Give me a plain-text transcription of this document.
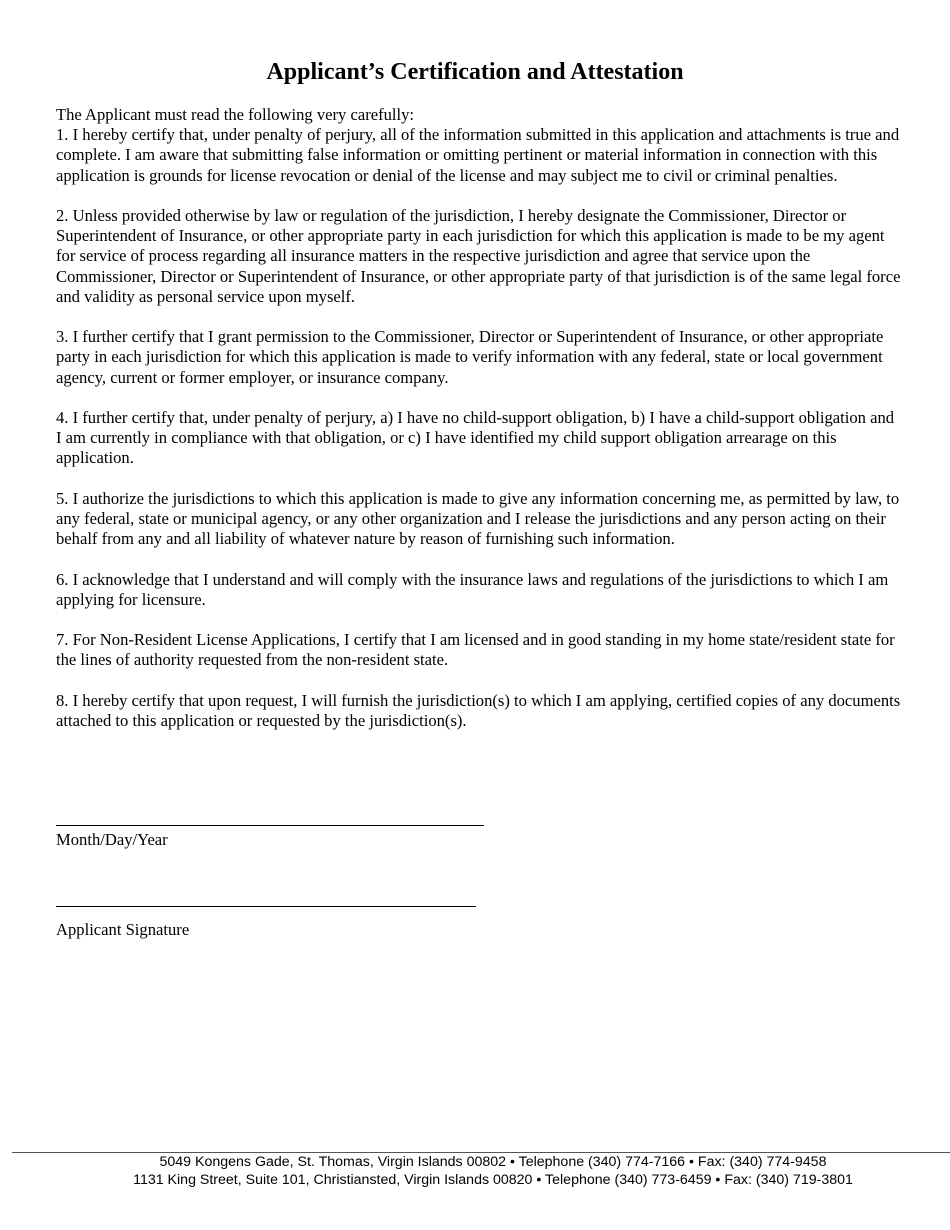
Applicant’s Certification and Attestation

The Applicant must read the following very carefully:

1. I hereby certify that, under penalty of perjury, all of the information submitted in this application and attachments is true and complete. I am aware that submitting false information or omitting pertinent or material information in connection with this application is grounds for license revocation or denial of the license and may subject me to civil or criminal penalties.

2. Unless provided otherwise by law or regulation of the jurisdiction, I hereby designate the Commissioner, Director or Superintendent of Insurance, or other appropriate party in each jurisdiction for which this application is made to be my agent for service of process regarding all insurance matters in the respective jurisdiction and agree that service upon the Commissioner, Director or Superintendent of Insurance, or other appropriate party of that jurisdiction is of the same legal force and validity as personal service upon myself.

3. I further certify that I grant permission to the Commissioner, Director or Superintendent of Insurance, or other appropriate party in each jurisdiction for which this application is made to verify information with any federal, state or local government agency, current or former employer, or insurance company.

4. I further certify that, under penalty of perjury, a) I have no child-support obligation, b) I have a child-support obligation and I am currently in compliance with that obligation, or c) I have identified my child support obligation arrearage on this application.

5. I authorize the jurisdictions to which this application is made to give any information concerning me, as permitted by law, to any federal, state or municipal agency, or any other organization and I release the jurisdictions and any person acting on their behalf from any and all liability of whatever nature by reason of furnishing such information.

6. I acknowledge that I understand and will comply with the insurance laws and regulations of the jurisdictions to which I am applying for licensure.

7. For Non-Resident License Applications, I certify that I am licensed and in good standing in my home state/resident state for the lines of authority requested from the non-resident state.

8. I hereby certify that upon request, I will furnish the jurisdiction(s) to which I am applying, certified copies of any documents attached to this application or requested by the jurisdiction(s).

Month/Day/Year
Applicant Signature
5049 Kongens Gade, St. Thomas, Virgin Islands 00802 • Telephone (340) 774-7166 • Fax: (340) 774-9458
1131 King Street, Suite 101, Christiansted, Virgin Islands 00820 • Telephone (340) 773-6459 • Fax: (340) 719-3801
